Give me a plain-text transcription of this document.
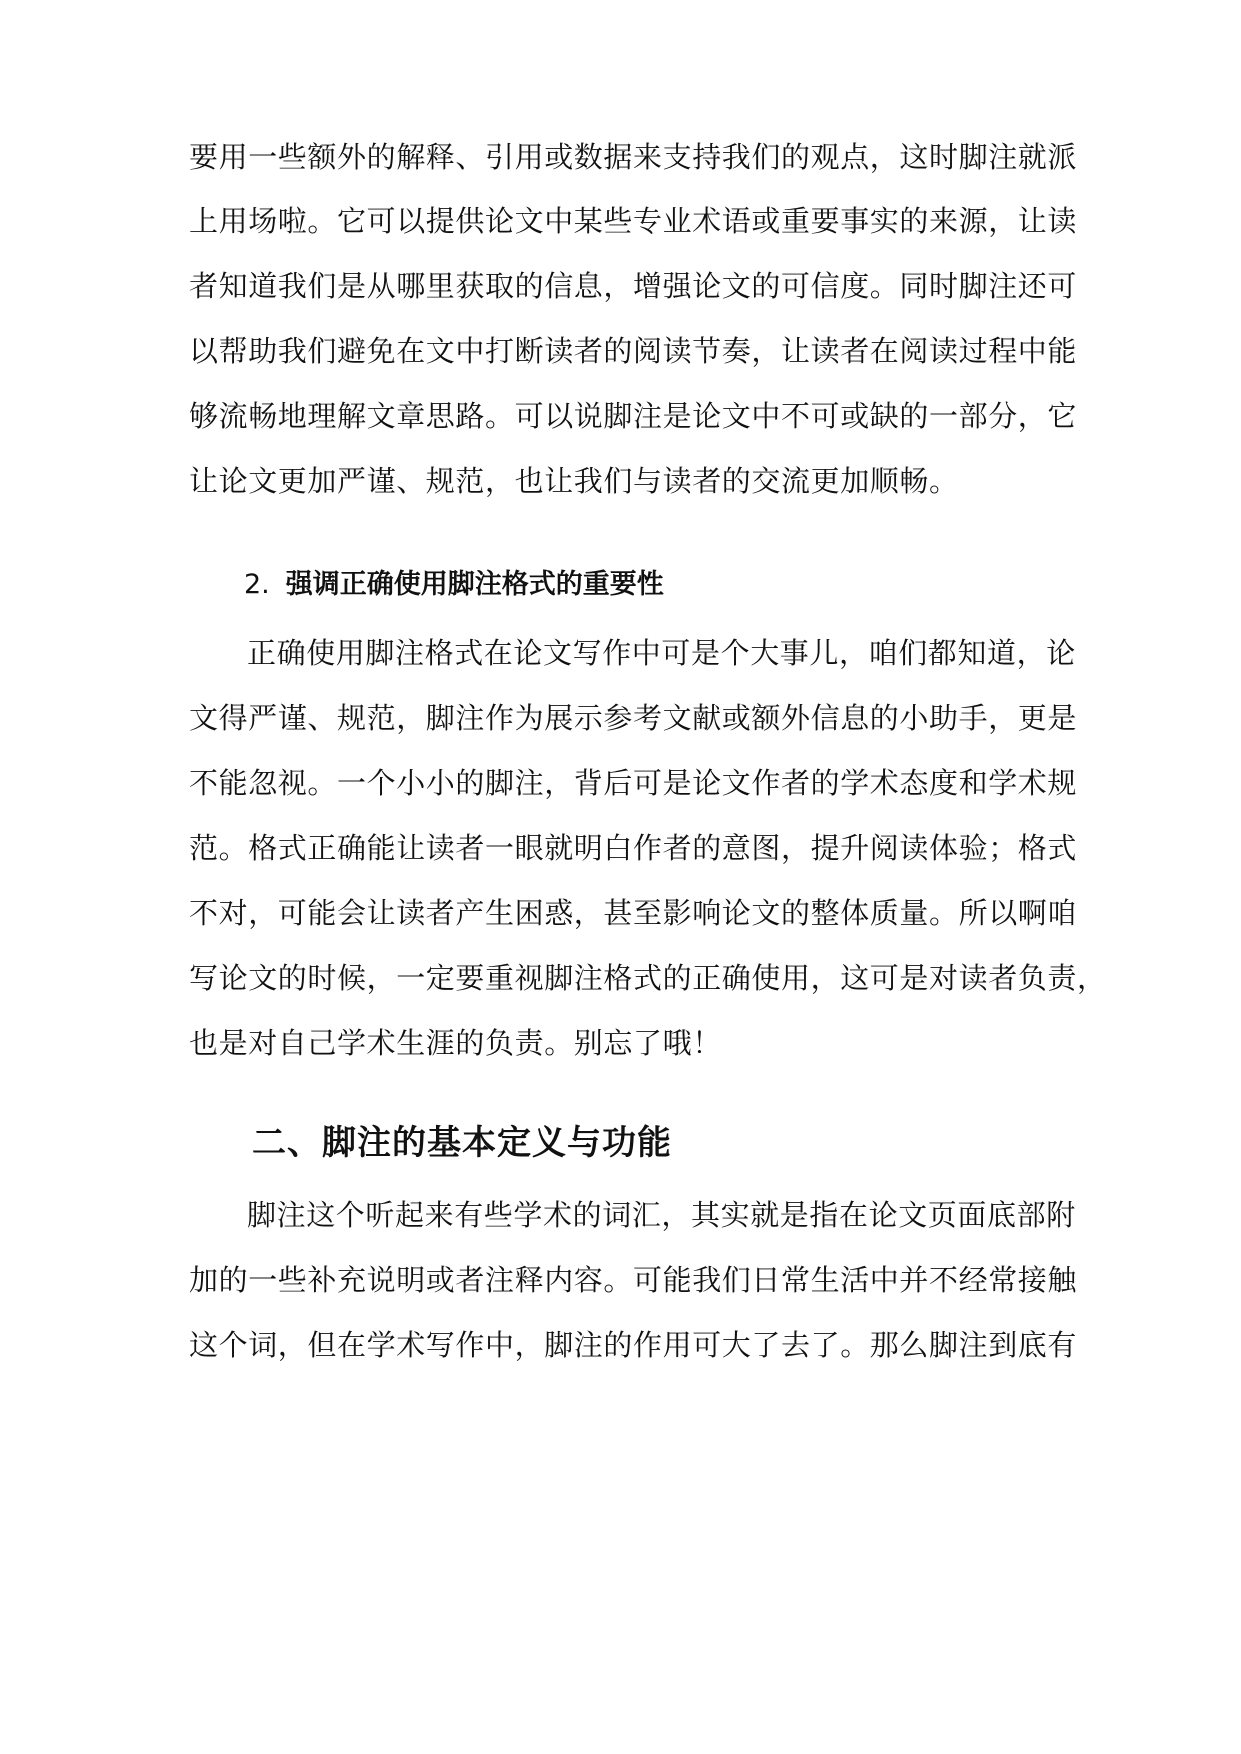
要用一些额外的解释、引用或数据来支持我们的观点，这时脚注就派
上用场啦。它可以提供论文中某些专业术语或重要事实的来源，让读
者知道我们是从哪里获取的信息，增强论文的可信度。同时脚注还可
以帮助我们避免在文中打断读者的阅读节奏，让读者在阅读过程中能
够流畅地理解文章思路。可以说脚注是论文中不可或缺的一部分，它
让论文更加严谨、规范，也让我们与读者的交流更加顺畅。
2. 强调正确使用脚注格式的重要性
正确使用脚注格式在论文写作中可是个大事儿，咱们都知道，论
文得严谨、规范，脚注作为展示参考文献或额外信息的小助手，更是
不能忽视。一个小小的脚注，背后可是论文作者的学术态度和学术规
范。格式正确能让读者一眼就明白作者的意图，提升阅读体验；格式
不对，可能会让读者产生困惑，甚至影响论文的整体质量。所以啊咱
写论文的时候，一定要重视脚注格式的正确使用，这可是对读者负责，
也是对自己学术生涯的负责。别忘了哦！
二、脚注的基本定义与功能
脚注这个听起来有些学术的词汇，其实就是指在论文页面底部附
加的一些补充说明或者注释内容。可能我们日常生活中并不经常接触
这个词，但在学术写作中，脚注的作用可大了去了。那么脚注到底有
